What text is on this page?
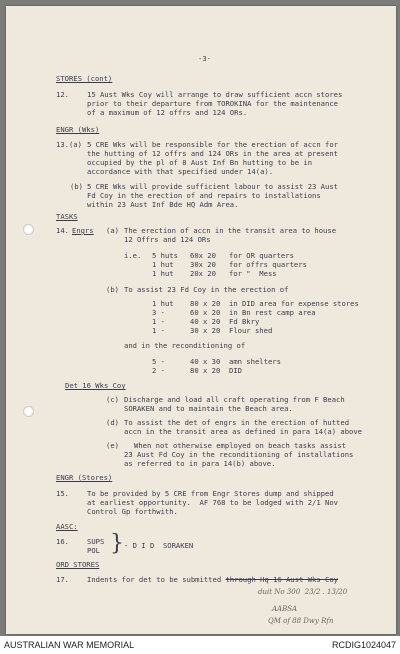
-3-
STORES (cont)
12.	15 Aust Wks Coy will arrange to draw sufficient accn stores
prior to their departure from TOROKINA for the maintenance
of a maximum of 12 offrs and 124 ORs.
ENGR (Wks)
13.(a) 5 CRE Wks will be responsible for the erection of accn for
the hutting of 12 offrs and 124 ORs in the area at present
occupied by the pl of 8 Aust Inf Bn hutting to be in
accordance with that specified under 14(a).
(b) 5 CRE Wks will provide sufficient labour to assist 23 Aust
Fd Coy in the erection of and repairs to installations
within 23 Aust Inf Bde HQ Adm Area.
TASKS
14. Engrs (a) The erection of accn in the transit area to house
12 Offrs and 124 ORs
i.e. 5 huts 60x 20 for OR quarters
1 hut 30x 20 for offrs quarters
1 hut 20x 20 for "  Mess
(b) To assist 23 Fd Coy in the erection of
1 hut 80 x 20 in DID area for expense stores
3 -	60 x 20 in Bn rest camp area
1 -	40 x 20 Fd Bkry
1 -	30 x 20 Flour shed
and in the reconditioning of
5 -	40 x 30 amn shelters
2 -	80 x 20 DID
Det 16 Wks Coy
(c) Discharge and load all craft operating from F Beach
SORAKEN and to maintain the Beach area.
(d) To assist the det of engrs in the erection of hutted
accn in the transit area as defined in para 14(a) above
(e) When not otherwise employed on beach tasks assist
23 Aust Fd Coy in the reconditioning of installations
as referred to in para 14(b) above.
ENGR (Stores)
15.	To be provided by 5 CRE from Engr Stores dump and shipped
at earliest opportunity.  AF 768 to be lodged with 2/1 Nov
Control Gp forthwith.
AASC:
16.	SUPS
POL } - D I D  SORAKEN
ORD STORES
17.	Indents for det to be submitted through Hq 16 Aust Wks Coy
duit No 300  23/2 . 13/20
AABSA
QM of 88 Dwy Rfn
AUSTRALIAN WAR MEMORIAL	RCDIG1024047
